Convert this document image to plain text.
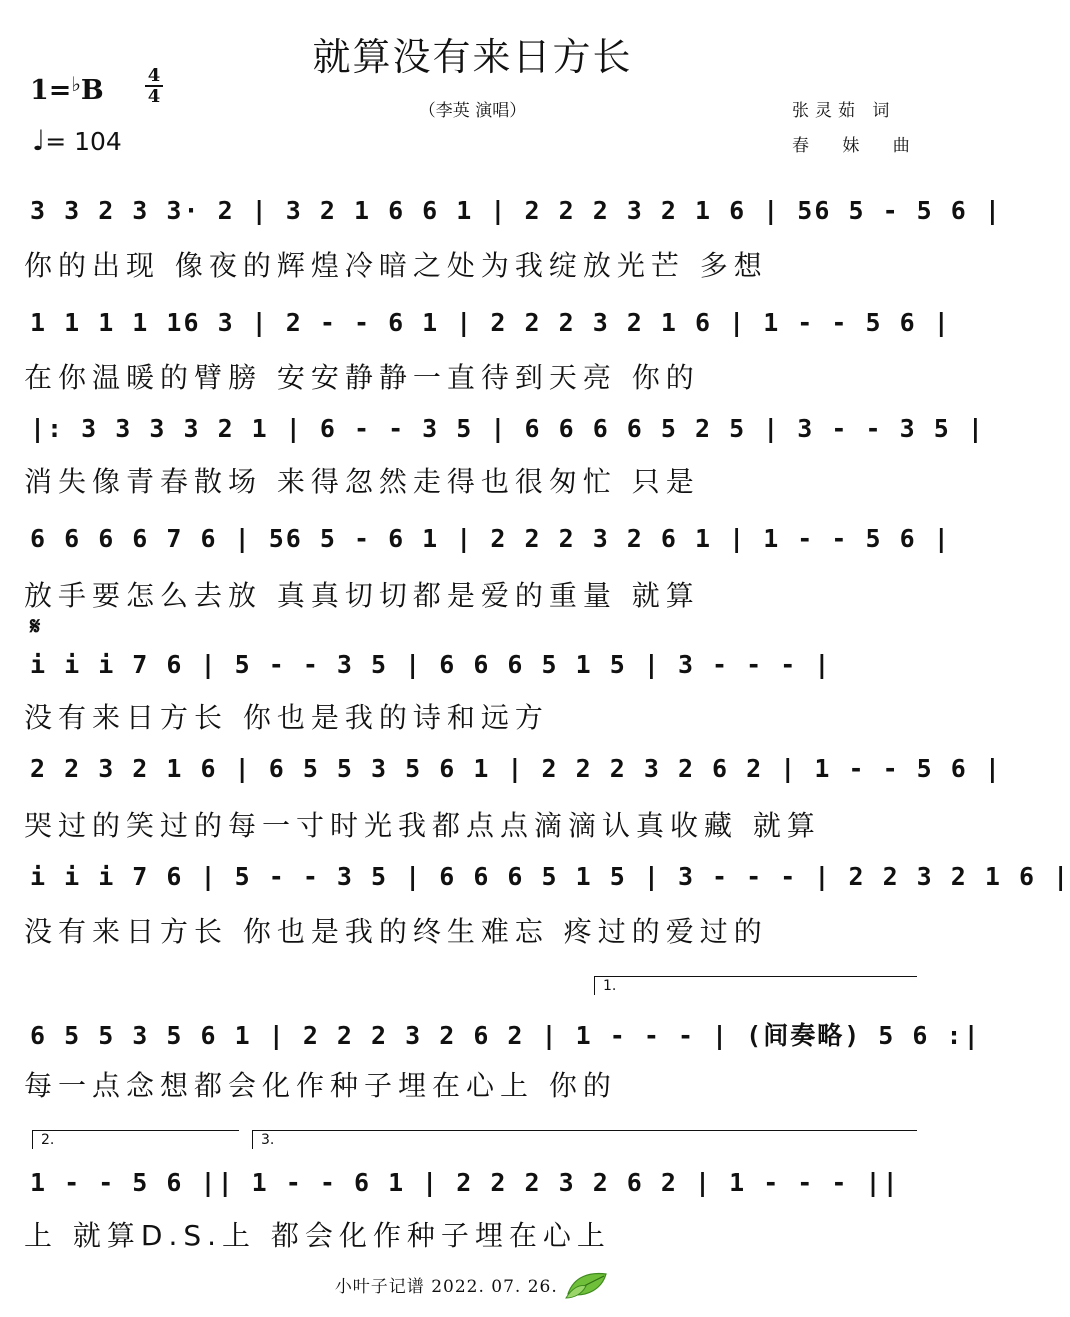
就算没有来日方长
（李英 演唱）
1=♭B 4
4
♩= 104
张灵茹 词
春 妹 曲
3 3 2 3 3· 2 | 3 2 1 6 6 1 | 2 2 2 3 2 1 6 | 56 5 - 5 6 |
你的出现 像夜的辉煌冷暗之处为我绽放光芒 多想
1 1 1 1 16 3 | 2 - - 6 1 | 2 2 2 3 2 1 6 | 1 - - 5 6 |
在你温暖的臂膀 安安静静一直待到天亮 你的
|: 3 3 3 3 2 1 | 6 - - 3 5 | 6 6 6 6 5 2 5 | 3 - - 3 5 |
消失像青春散场 来得忽然走得也很匆忙 只是
6 6 6 6 7 6 | 56 5 - 6 1 | 2 2 2 3 2 6 1 | 1 - - 5 6 |
放手要怎么去放 真真切切都是爱的重量 就算
𝄋
i i i 7 6 | 5 - - 3 5 | 6 6 6 5 1 5 | 3 - - - |
没有来日方长 你也是我的诗和远方
2 2 3 2 1 6 | 6 5 5 3 5 6 1 | 2 2 2 3 2 6 2 | 1 - - 5 6 |
哭过的笑过的每一寸时光我都点点滴滴认真收藏 就算
i i i 7 6 | 5 - - 3 5 | 6 6 6 5 1 5 | 3 - - - | 2 2 3 2 1 6 |
没有来日方长 你也是我的终生难忘 疼过的爱过的
1.
6 5 5 3 5 6 1 | 2 2 2 3 2 6 2 | 1 - - - | (间奏略) 5 6 :|
每一点念想都会化作种子埋在心上 你的
2.	3.
1 - - 5 6 || 1 - - 6 1 | 2 2 2 3 2 6 2 | 1 - - - ||
上 就算D.S.上 都会化作种子埋在心上
小叶子记谱 2022. 07. 26.
